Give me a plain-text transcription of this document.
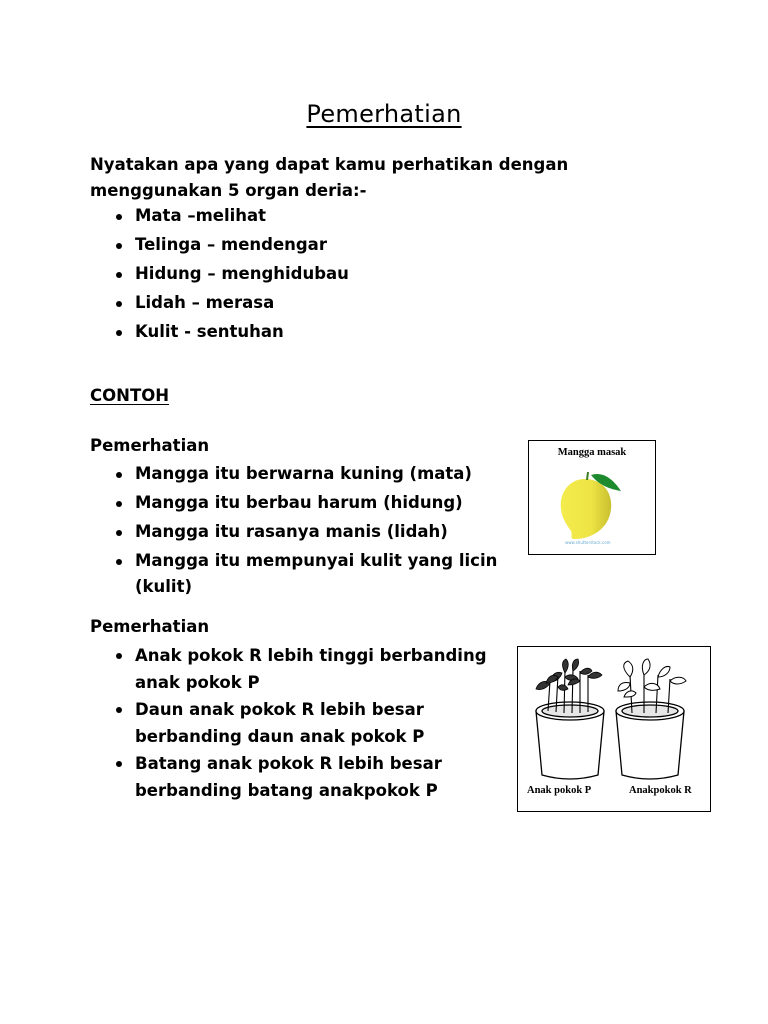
Pemerhatian
Nyatakan apa yang dapat kamu perhatikan dengan menggunakan 5 organ deria:-
Mata –melihat
Telinga – mendengar
Hidung – menghidubau
Lidah – merasa
Kulit - sentuhan
CONTOH
Pemerhatian
Mangga itu berwarna kuning (mata)
Mangga itu berbau harum (hidung)
Mangga itu rasanya manis (lidah)
Mangga itu mempunyai kulit yang licin (kulit)
Mangga masak
www.shutterstock.com
Pemerhatian
Anak pokok R lebih tinggi berbanding anak pokok P
Daun anak pokok R lebih besar berbanding daun anak pokok P
Batang anak pokok R lebih besar berbanding batang anakpokok P	Anak pokok P	Anakpokok R
